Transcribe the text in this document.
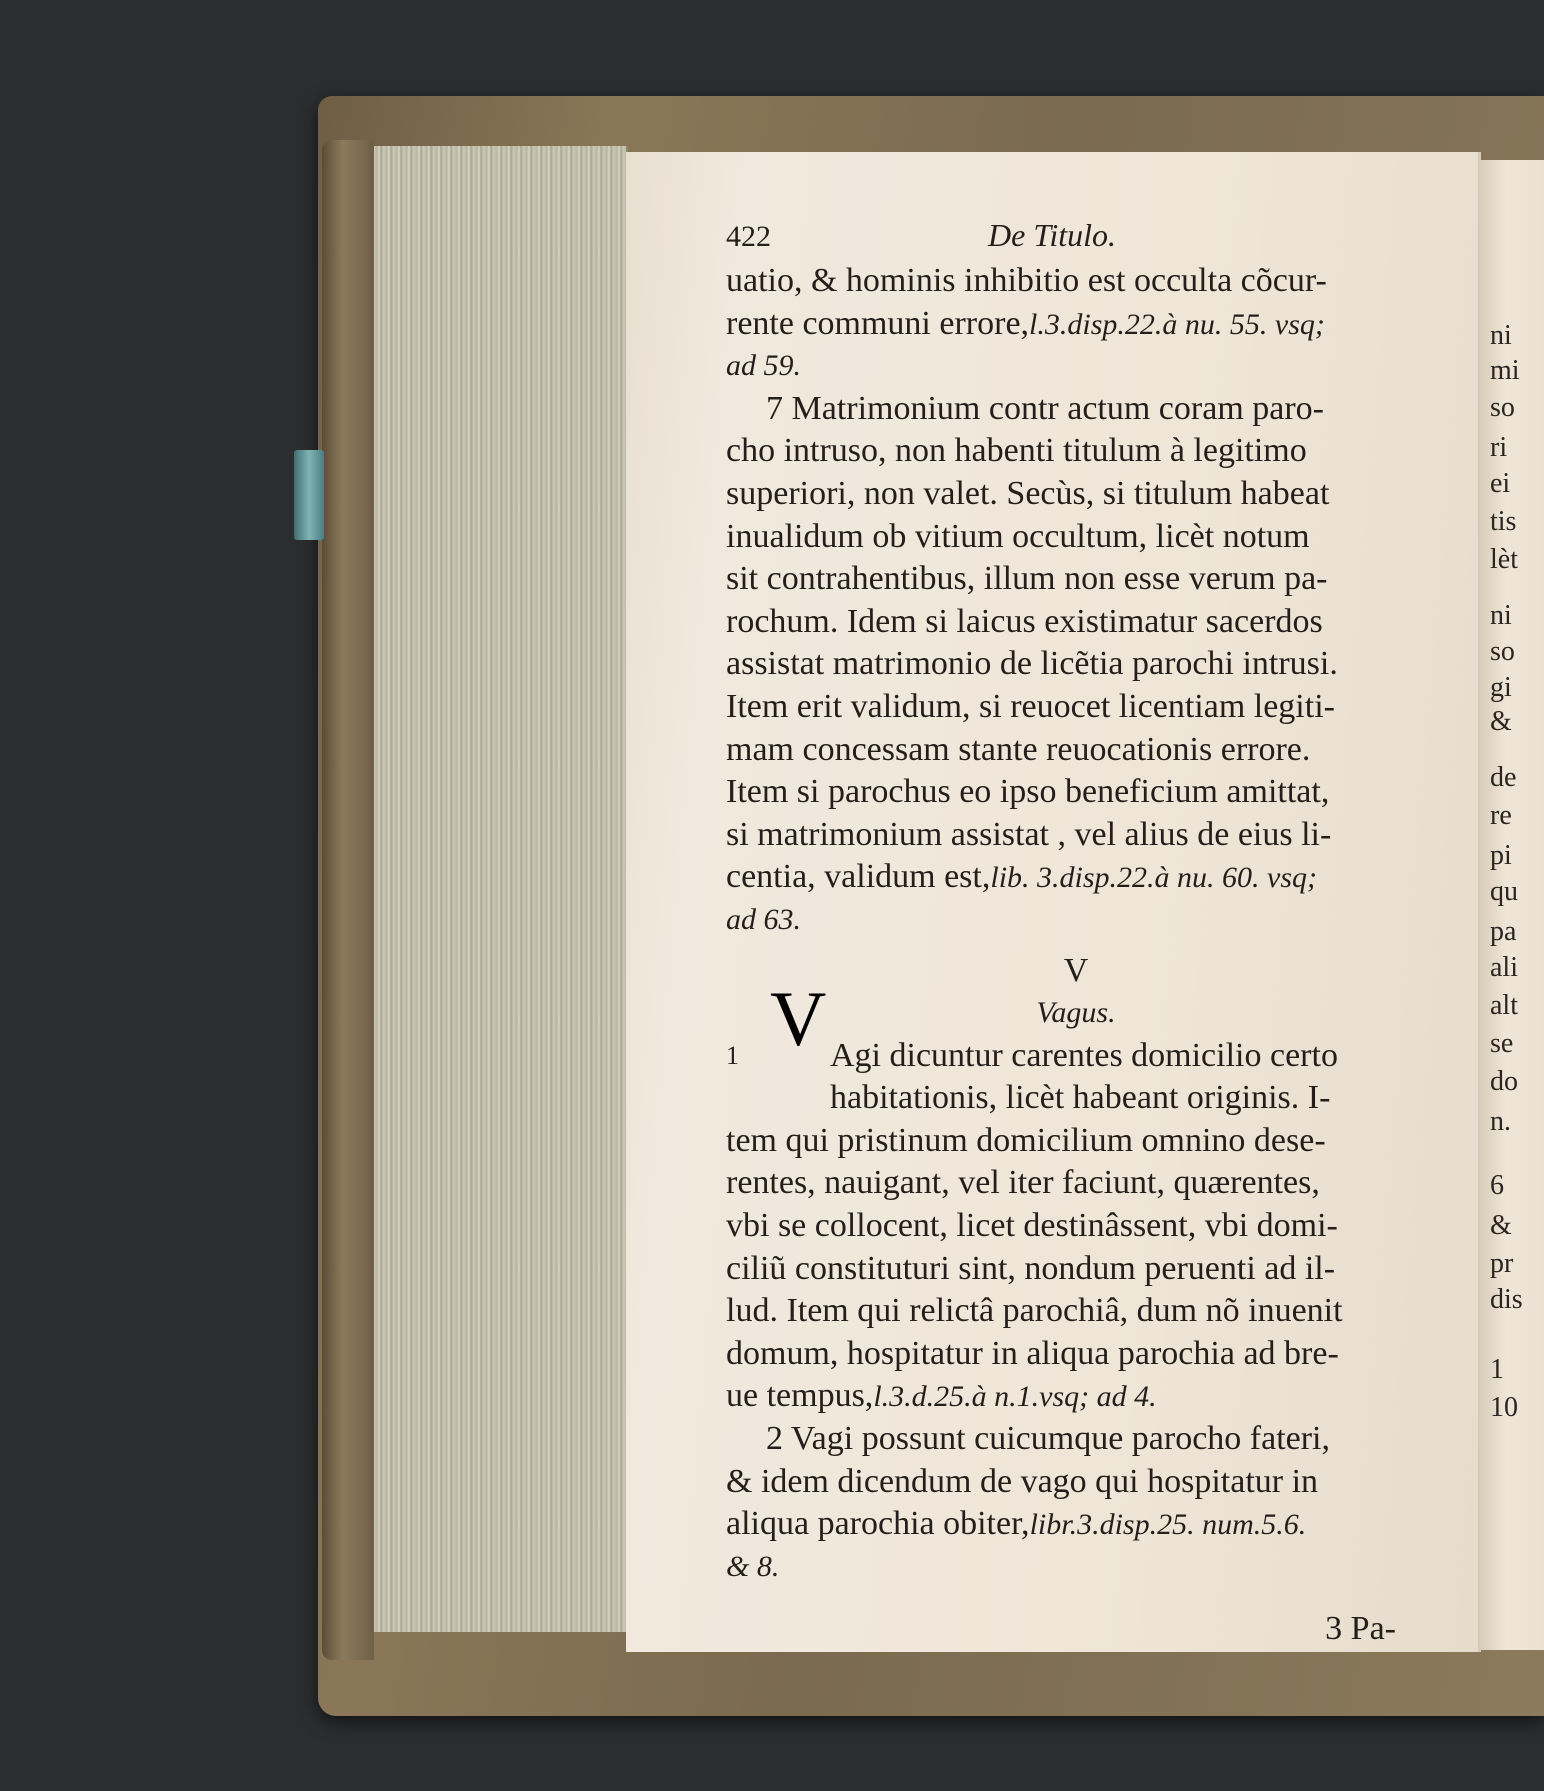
ni
mi
so
ri
ei
tis
lèt
ni
so
gi
&
de
re
pi
qu
pa
ali
alt
se
do
n.
6
&
pr
dis
1
10
422	De Titulo.
uatio, & hominis inhibitio est occulta cõcur-
rente communi errore,l.3.disp.22.à nu. 55. vsq;
ad 59.
7 Matrimonium contr actum coram paro-
cho intruso, non habenti titulum à legitimo
superiori, non valet. Secùs, si titulum habeat
inualidum ob vitium occultum, licèt notum
sit contrahentibus, illum non esse verum pa-
rochum. Idem si laicus existimatur sacerdos
assistat matrimonio de licẽtia parochi intrusi.
Item erit validum, si reuocet licentiam legiti-
mam concessam stante reuocationis errore.
Item si parochus eo ipso beneficium amittat,
si matrimonium assistat , vel alius de eius li-
centia, validum est,lib. 3.disp.22.à nu. 60. vsq;
ad 63.
V
Vagus.
1	Agi dicuntur carentes domicilio certo
habitationis, licèt habeant originis. I-
tem qui pristinum domicilium omnino dese-
rentes, nauigant, vel iter faciunt, quærentes,
vbi se collocent, licet destinâssent, vbi domi-
ciliũ constituturi sint, nondum peruenti ad il-
lud. Item qui relictâ parochiâ, dum nõ inuenit
domum, hospitatur in aliqua parochia ad bre-
ue tempus,l.3.d.25.à n.1.vsq; ad 4.
2 Vagi possunt cuicumque parocho fateri,
& idem dicendum de vago qui hospitatur in
aliqua parochia obiter,libr.3.disp.25. num.5.6.
& 8.
3 Pa-
V
